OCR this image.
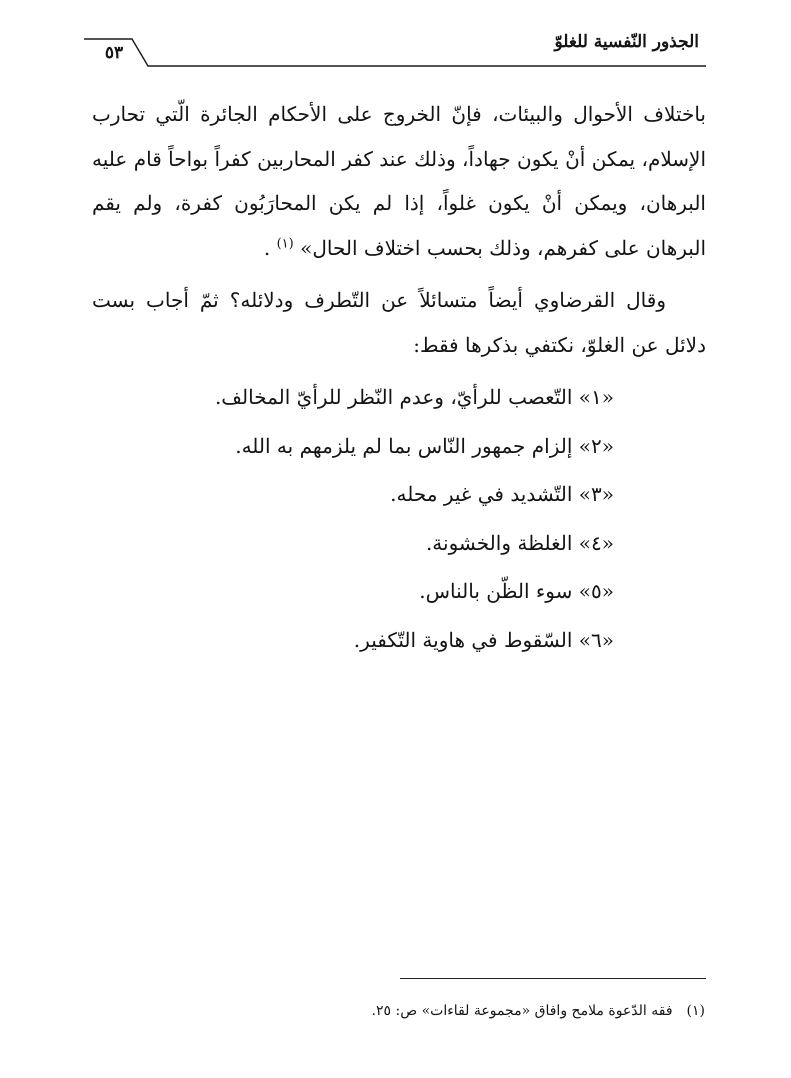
الجذور النّفسية للغلوّ
٥٣

باختلاف الأحوال والبيئات، فإنّ الخروج على الأحكام الجائرة الّتي تحارب الإسلام، يمكن أنْ يكون جهاداً، وذلك عند كفر المحاربين كفراً بواحاً قام عليه البرهان، ويمكن أنْ يكون غلواً، إذا لم يكن المحارَبُون كفرة، ولم يقم البرهان على كفرهم، وذلك بحسب اختلاف الحال» $^{(١)}$ .

وقال القرضاوي أيضاً متسائلاً عن التّطرف ودلائله؟ ثمّ أجاب بست دلائل عن الغلوّ، نكتفي بذكرها فقط:

«١» التّعصب للرأيّ، وعدم النّظر للرأيّ المخالف.
«٢» إلزام جمهور النّاس بما لم يلزمهم به الله.
«٣» التّشديد في غير محله.
«٤» الغلظة والخشونة.
«٥» سوء الظّن بالناس.
«٦» السّقوط في هاوية التّكفير.
(١)فقه الدّعوة ملامح وافاق «مجموعة لقاءات» ص: ٢٥.
